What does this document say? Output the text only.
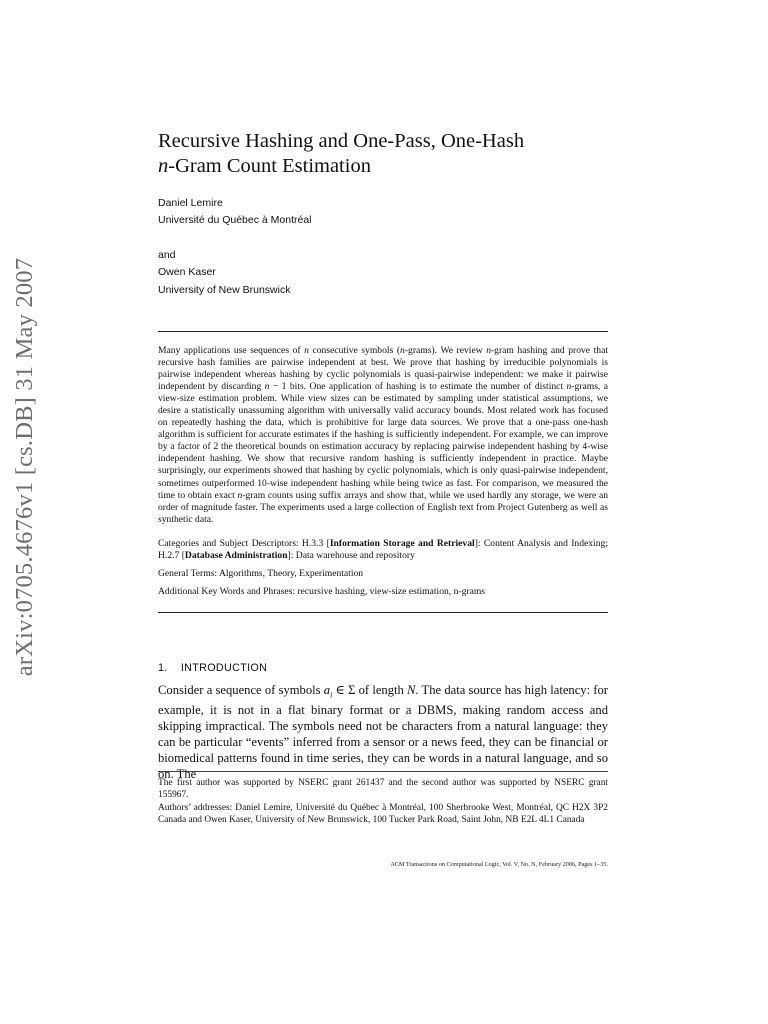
arXiv:0705.4676v1 [cs.DB] 31 May 2007
Recursive Hashing and One-Pass, One-Hash
n-Gram Count Estimation
Daniel Lemire
Université du Québec à Montréal
and
Owen Kaser
University of New Brunswick
Many applications use sequences of n consecutive symbols (n-grams). We review n-gram hashing and prove that recursive hash families are pairwise independent at best. We prove that hashing by irreducible polynomials is pairwise independent whereas hashing by cyclic polynomials is quasi-pairwise independent: we make it pairwise independent by discarding n − 1 bits. One application of hashing is to estimate the number of distinct n-grams, a view-size estimation problem. While view sizes can be estimated by sampling under statistical assumptions, we desire a statistically unassuming algorithm with universally valid accuracy bounds. Most related work has focused on repeatedly hashing the data, which is prohibitive for large data sources. We prove that a one-pass one-hash algorithm is sufficient for accurate estimates if the hashing is sufficiently independent. For example, we can improve by a factor of 2 the theoretical bounds on estimation accuracy by replacing pairwise independent hashing by 4-wise independent hashing. We show that recursive random hashing is sufficiently independent in practice. Maybe surprisingly, our experiments showed that hashing by cyclic polynomials, which is only quasi-pairwise independent, sometimes outperformed 10-wise independent hashing while being twice as fast. For comparison, we measured the time to obtain exact n-gram counts using suffix arrays and show that, while we used hardly any storage, we were an order of magnitude faster. The experiments used a large collection of English text from Project Gutenberg as well as synthetic data.
Categories and Subject Descriptors: H.3.3 [Information Storage and Retrieval]: Content Analysis and Indexing; H.2.7 [Database Administration]: Data warehouse and repository
General Terms: Algorithms, Theory, Experimentation
Additional Key Words and Phrases: recursive hashing, view-size estimation, n-grams
1. INTRODUCTION
Consider a sequence of symbols $a_i$ ∈ Σ of length N. The data source has high latency: for example, it is not in a flat binary format or a DBMS, making random access and skipping impractical. The symbols need not be characters from a natural language: they can be particular “events” inferred from a sensor or a news feed, they can be financial or biomedical patterns found in time series, they can be words in a natural language, and so on. The
The first author was supported by NSERC grant 261437 and the second author was supported by NSERC grant 155967.
Authors’ addresses: Daniel Lemire, Université du Québec à Montréal, 100 Sherbrooke West, Montréal, QC H2X 3P2 Canada and Owen Kaser, University of New Brunswick, 100 Tucker Park Road, Saint John, NB E2L 4L1 Canada
ACM Transactions on Computational Logic, Vol. V, No. N, February 2006, Pages 1–35.
